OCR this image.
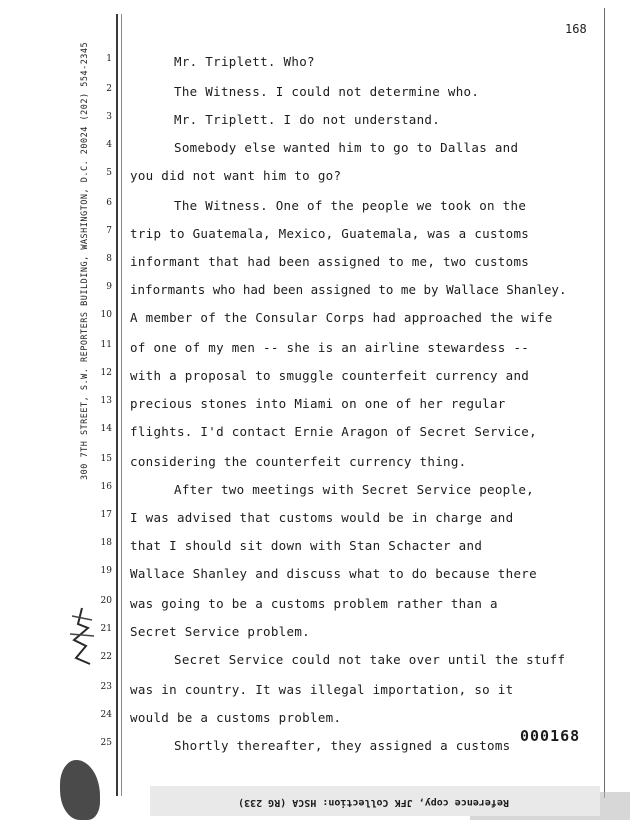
168
300 7TH STREET, S.W. REPORTERS BUILDING, WASHINGTON, D.C. 20024 (202) 554-2345	1
2
3
4
5
6
7
8
9
10
11
12
13
14
15
16
17
18
19
20
21
22
23
24
25
Mr. Triplett. Who?
The Witness. I could not determine who.
Mr. Triplett. I do not understand.
Somebody else wanted him to go to Dallas and
you did not want him to go?
The Witness. One of the people we took on the
trip to Guatemala, Mexico, Guatemala, was a customs
informant that had been assigned to me, two customs
informants who had been assigned to me by Wallace Shanley.
A member of the Consular Corps had approached the wife
of one of my men -- she is an airline stewardess --
with a proposal to smuggle counterfeit currency and
precious stones into Miami on one of her regular
flights. I'd contact Ernie Aragon of Secret Service,
considering the counterfeit currency thing.
After two meetings with Secret Service people,
I was advised that customs would be in charge and
that I should sit down with Stan Schacter and
Wallace Shanley and discuss what to do because there
was going to be a customs problem rather than a
Secret Service problem.
Secret Service could not take over until the stuff
was in country. It was illegal importation, so it
would be a customs problem.
Shortly thereafter, they assigned a customs
000168
Reference copy, JFK Collection: HSCA (RG 233)
